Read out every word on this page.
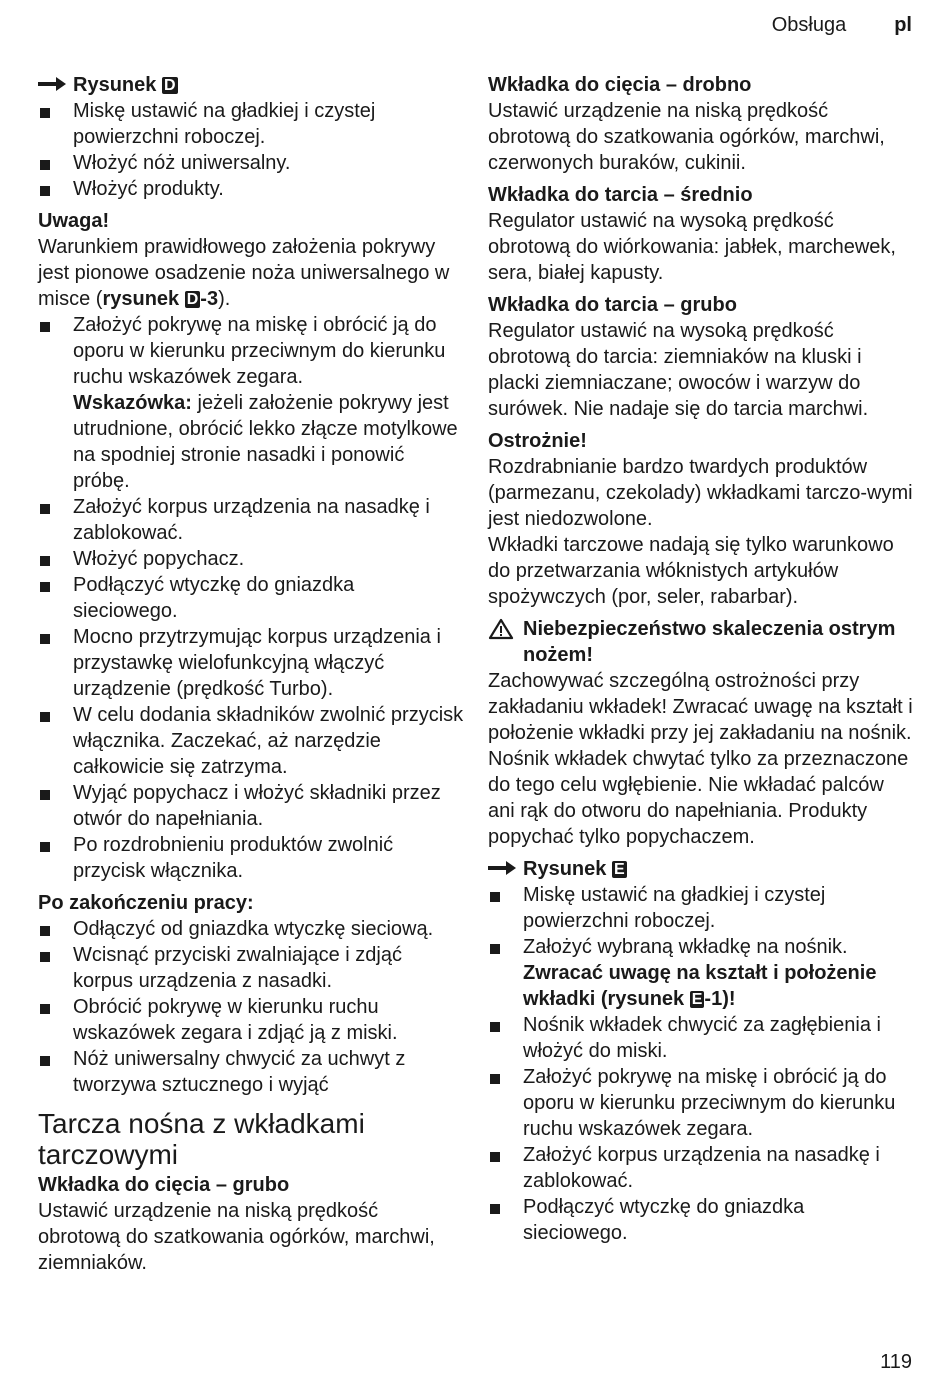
Obsługa pl
Rysunek D
Miskę ustawić na gładkiej i czystej powierzchni roboczej.
Włożyć nóż uniwersalny.
Włożyć produkty.
Uwaga!
Warunkiem prawidłowego założenia pokrywy jest pionowe osadzenie noża uniwersalnego w misce (rysunek D -3).
Założyć pokrywę na miskę i obrócić ją do oporu w kierunku przeciwnym do kierunku ruchu wskazówek zegara.
Wskazówka: jeżeli założenie pokrywy jest utrudnione, obrócić lekko złącze motylkowe na spodniej stronie nasadki i ponowić próbę.
Założyć korpus urządzenia na nasadkę i zablokować.
Włożyć popychacz.
Podłączyć wtyczkę do gniazdka sieciowego.
Mocno przytrzymując korpus urządzenia i przystawkę wielofunkcyjną włączyć urządzenie (prędkość Turbo).
W celu dodania składników zwolnić przycisk włącznika. Zaczekać, aż narzędzie całkowicie się zatrzyma.
Wyjąć popychacz i włożyć składniki przez otwór do napełniania.
Po rozdrobnieniu produktów zwolnić przycisk włącznika.
Po zakończeniu pracy:
Odłączyć od gniazdka wtyczkę sieciową.
Wcisnąć przyciski zwalniające i zdjąć korpus urządzenia z nasadki.
Obrócić pokrywę w kierunku ruchu wskazówek zegara i zdjąć ją z miski.
Nóż uniwersalny chwycić za uchwyt z tworzywa sztucznego i wyjąć
Tarcza nośna z wkładkami tarczowymi
Wkładka do cięcia – grubo
Ustawić urządzenie na niską prędkość obrotową do szatkowania ogórków, marchwi, ziemniaków.
Wkładka do cięcia – drobno
Ustawić urządzenie na niską prędkość obrotową do szatkowania ogórków, marchwi, czerwonych buraków, cukinii.
Wkładka do tarcia – średnio
Regulator ustawić na wysoką prędkość obrotową do wiórkowania: jabłek, marchewek, sera, białej kapusty.
Wkładka do tarcia – grubo
Regulator ustawić na wysoką prędkość obrotową do tarcia: ziemniaków na kluski i placki ziemniaczane; owoców i warzyw do surówek. Nie nadaje się do tarcia marchwi.
Ostrożnie!
Rozdrabnianie bardzo twardych produktów (parmezanu, czekolady) wkładkami tarczo-wymi jest niedozwolone.
Wkładki tarczowe nadają się tylko warunkowo do przetwarzania włóknistych artykułów spożywczych (por, seler, rabarbar).
Niebezpieczeństwo skaleczenia ostrym nożem!
Zachowywać szczególną ostrożności przy zakładaniu wkładek! Zwracać uwagę na kształt i położenie wkładki przy jej zakładaniu na nośnik. Nośnik wkładek chwytać tylko za przeznaczone do tego celu wgłębienie. Nie wkładać palców ani rąk do otworu do napełniania. Produkty popychać tylko popychaczem.
Rysunek E
Miskę ustawić na gładkiej i czystej powierzchni roboczej.
Założyć wybraną wkładkę na nośnik.
Zwracać uwagę na kształt i położenie wkładki (rysunek E -1)!
Nośnik wkładek chwycić za zagłębienia i włożyć do miski.
Założyć pokrywę na miskę i obrócić ją do oporu w kierunku przeciwnym do kierunku ruchu wskazówek zegara.
Założyć korpus urządzenia na nasadkę i zablokować.
Podłączyć wtyczkę do gniazdka sieciowego.
119
